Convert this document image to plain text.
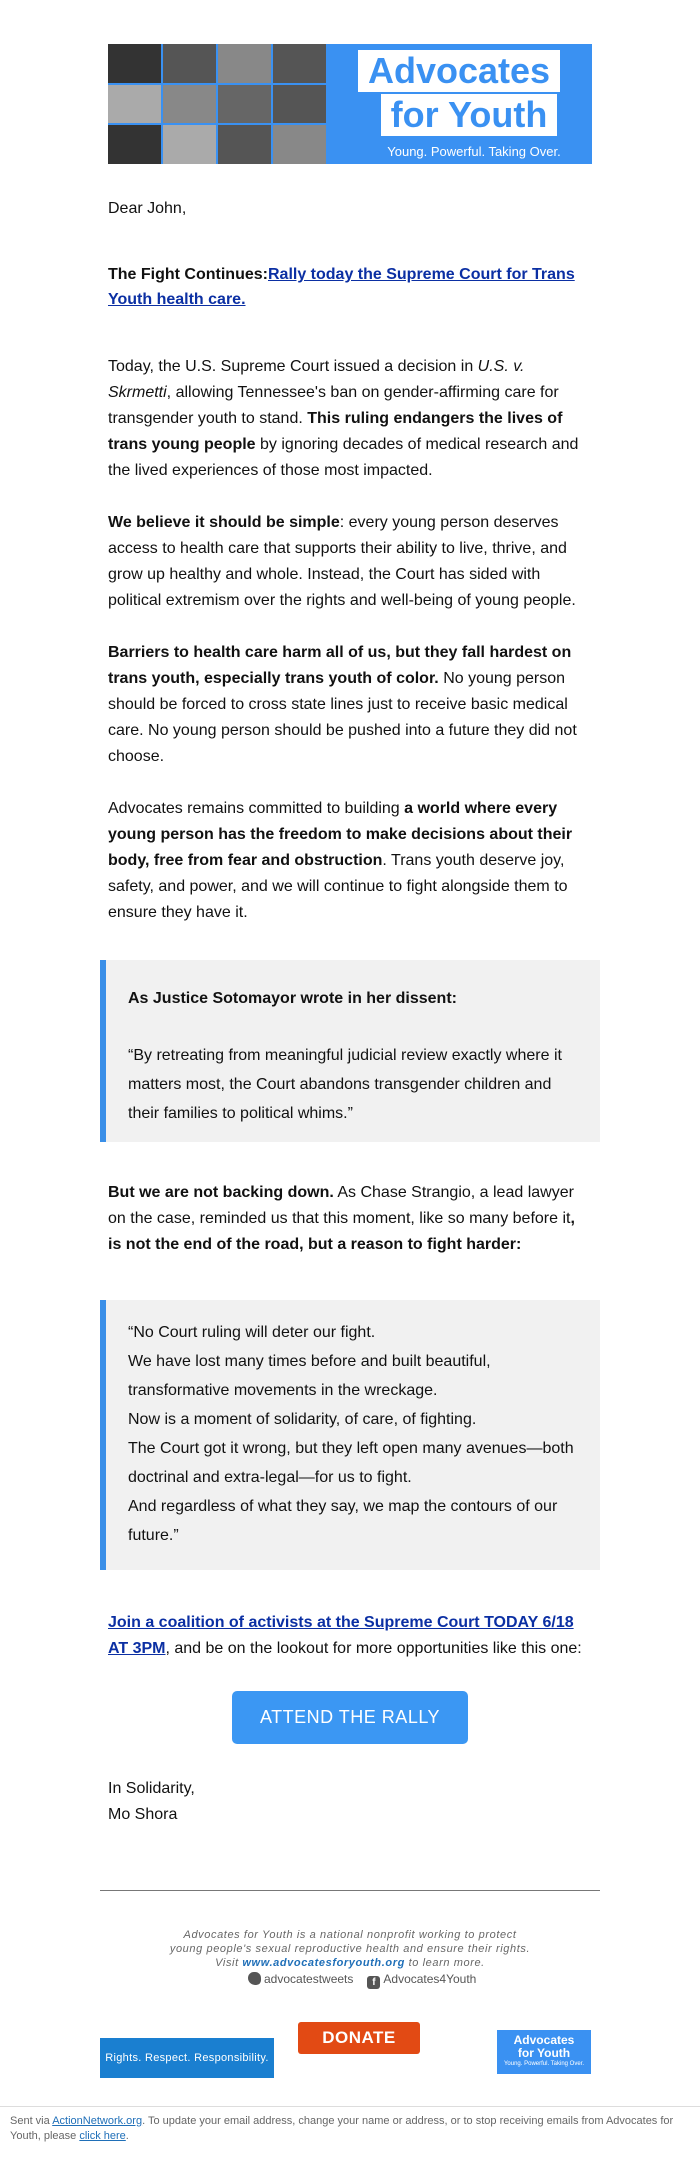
Advocates
for Youth
Young. Powerful. Taking Over.

Dear John,

The Fight Continues:Rally today the Supreme Court for Trans Youth health care.

Today, the U.S. Supreme Court issued a decision in U.S. v. Skrmetti, allowing Tennessee's ban on gender-affirming care for transgender youth to stand. This ruling endangers the lives of trans young people by ignoring decades of medical research and the lived experiences of those most impacted.

We believe it should be simple: every young person deserves access to health care that supports their ability to live, thrive, and grow up healthy and whole. Instead, the Court has sided with political extremism over the rights and well-being of young people.

Barriers to health care harm all of us, but they fall hardest on trans youth, especially trans youth of color. No young person should be forced to cross state lines just to receive basic medical care. No young person should be pushed into a future they did not choose.

Advocates remains committed to building a world where every young person has the freedom to make decisions about their body, free from fear and obstruction. Trans youth deserve joy, safety, and power, and we will continue to fight alongside them to ensure they have it.

As Justice Sotomayor wrote in her dissent:

“By retreating from meaningful judicial review exactly where it matters most, the Court abandons transgender children and their families to political whims.”

But we are not backing down. As Chase Strangio, a lead lawyer on the case, reminded us that this moment, like so many before it, is not the end of the road, but a reason to fight harder:

“No Court ruling will deter our fight.

We have lost many times before and built beautiful, transformative movements in the wreckage.

Now is a moment of solidarity, of care, of fighting.

The Court got it wrong, but they left open many avenues—both doctrinal and extra-legal—for us to fight.

And regardless of what they say, we map the contours of our future.”

Join a coalition of activists at the Supreme Court TODAY 6/18 AT 3PM, and be on the lookout for more opportunities like this one:

ATTEND THE RALLY

In Solidarity,

Mo Shora

Advocates for Youth is a national nonprofit working to protect
young people's sexual reproductive health and ensure their rights.
Visit www.advocatesforyouth.org to learn more.
advocatestweets	f Advocates4Youth
Rights. Respect. Responsibility.
DONATE	Advocates
for Youth
Young. Powerful. Taking Over.
Sent via ActionNetwork.org. To update your email address, change your name or address, or to stop receiving emails from Advocates for Youth, please click here.
